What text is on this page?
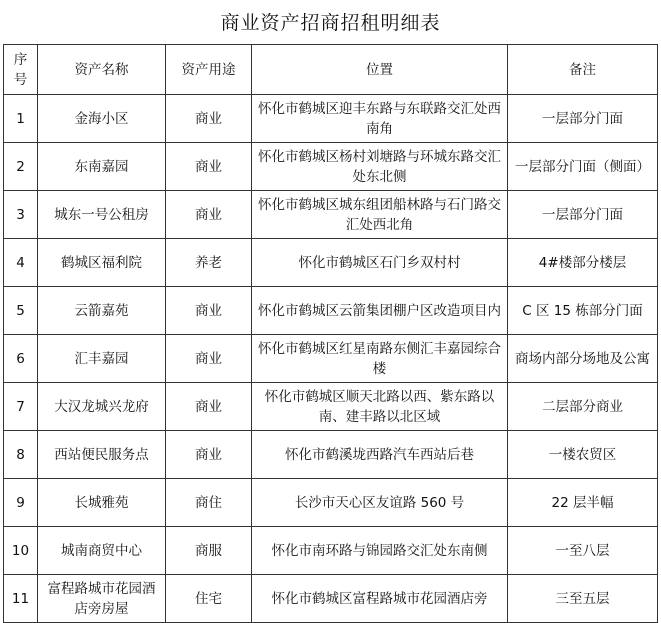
商业资产招商招租明细表
序
号	资产名称	资产用途	位置	备注
1	金海小区	商业	怀化市鹤城区迎丰东路与东联路交汇处西南角	一层部分门面
2	东南嘉园	商业	怀化市鹤城区杨村刘塘路与环城东路交汇处东北侧	一层部分门面（侧面）
3	城东一号公租房	商业	怀化市鹤城区城东组团船林路与石门路交汇处西北角	一层部分门面
4	鹤城区福利院	养老	怀化市鹤城区石门乡双村村	4#楼部分楼层
5	云箭嘉苑	商业	怀化市鹤城区云箭集团棚户区改造项目内	C 区 15 栋部分门面
6	汇丰嘉园	商业	怀化市鹤城区红星南路东侧汇丰嘉园综合楼	商场内部分场地及公寓
7	大汉龙城兴龙府	商业	怀化市鹤城区顺天北路以西、紫东路以南、建丰路以北区域	二层部分商业
8	西站便民服务点	商业	怀化市鹤溪垅西路汽车西站后巷	一楼农贸区
9	长城雅苑	商住	长沙市天心区友谊路 560 号	22 层半幅
10	城南商贸中心	商服	怀化市南环路与锦园路交汇处东南侧	一至八层
11	富程路城市花园酒店旁房屋	住宅	怀化市鹤城区富程路城市花园酒店旁	三至五层
